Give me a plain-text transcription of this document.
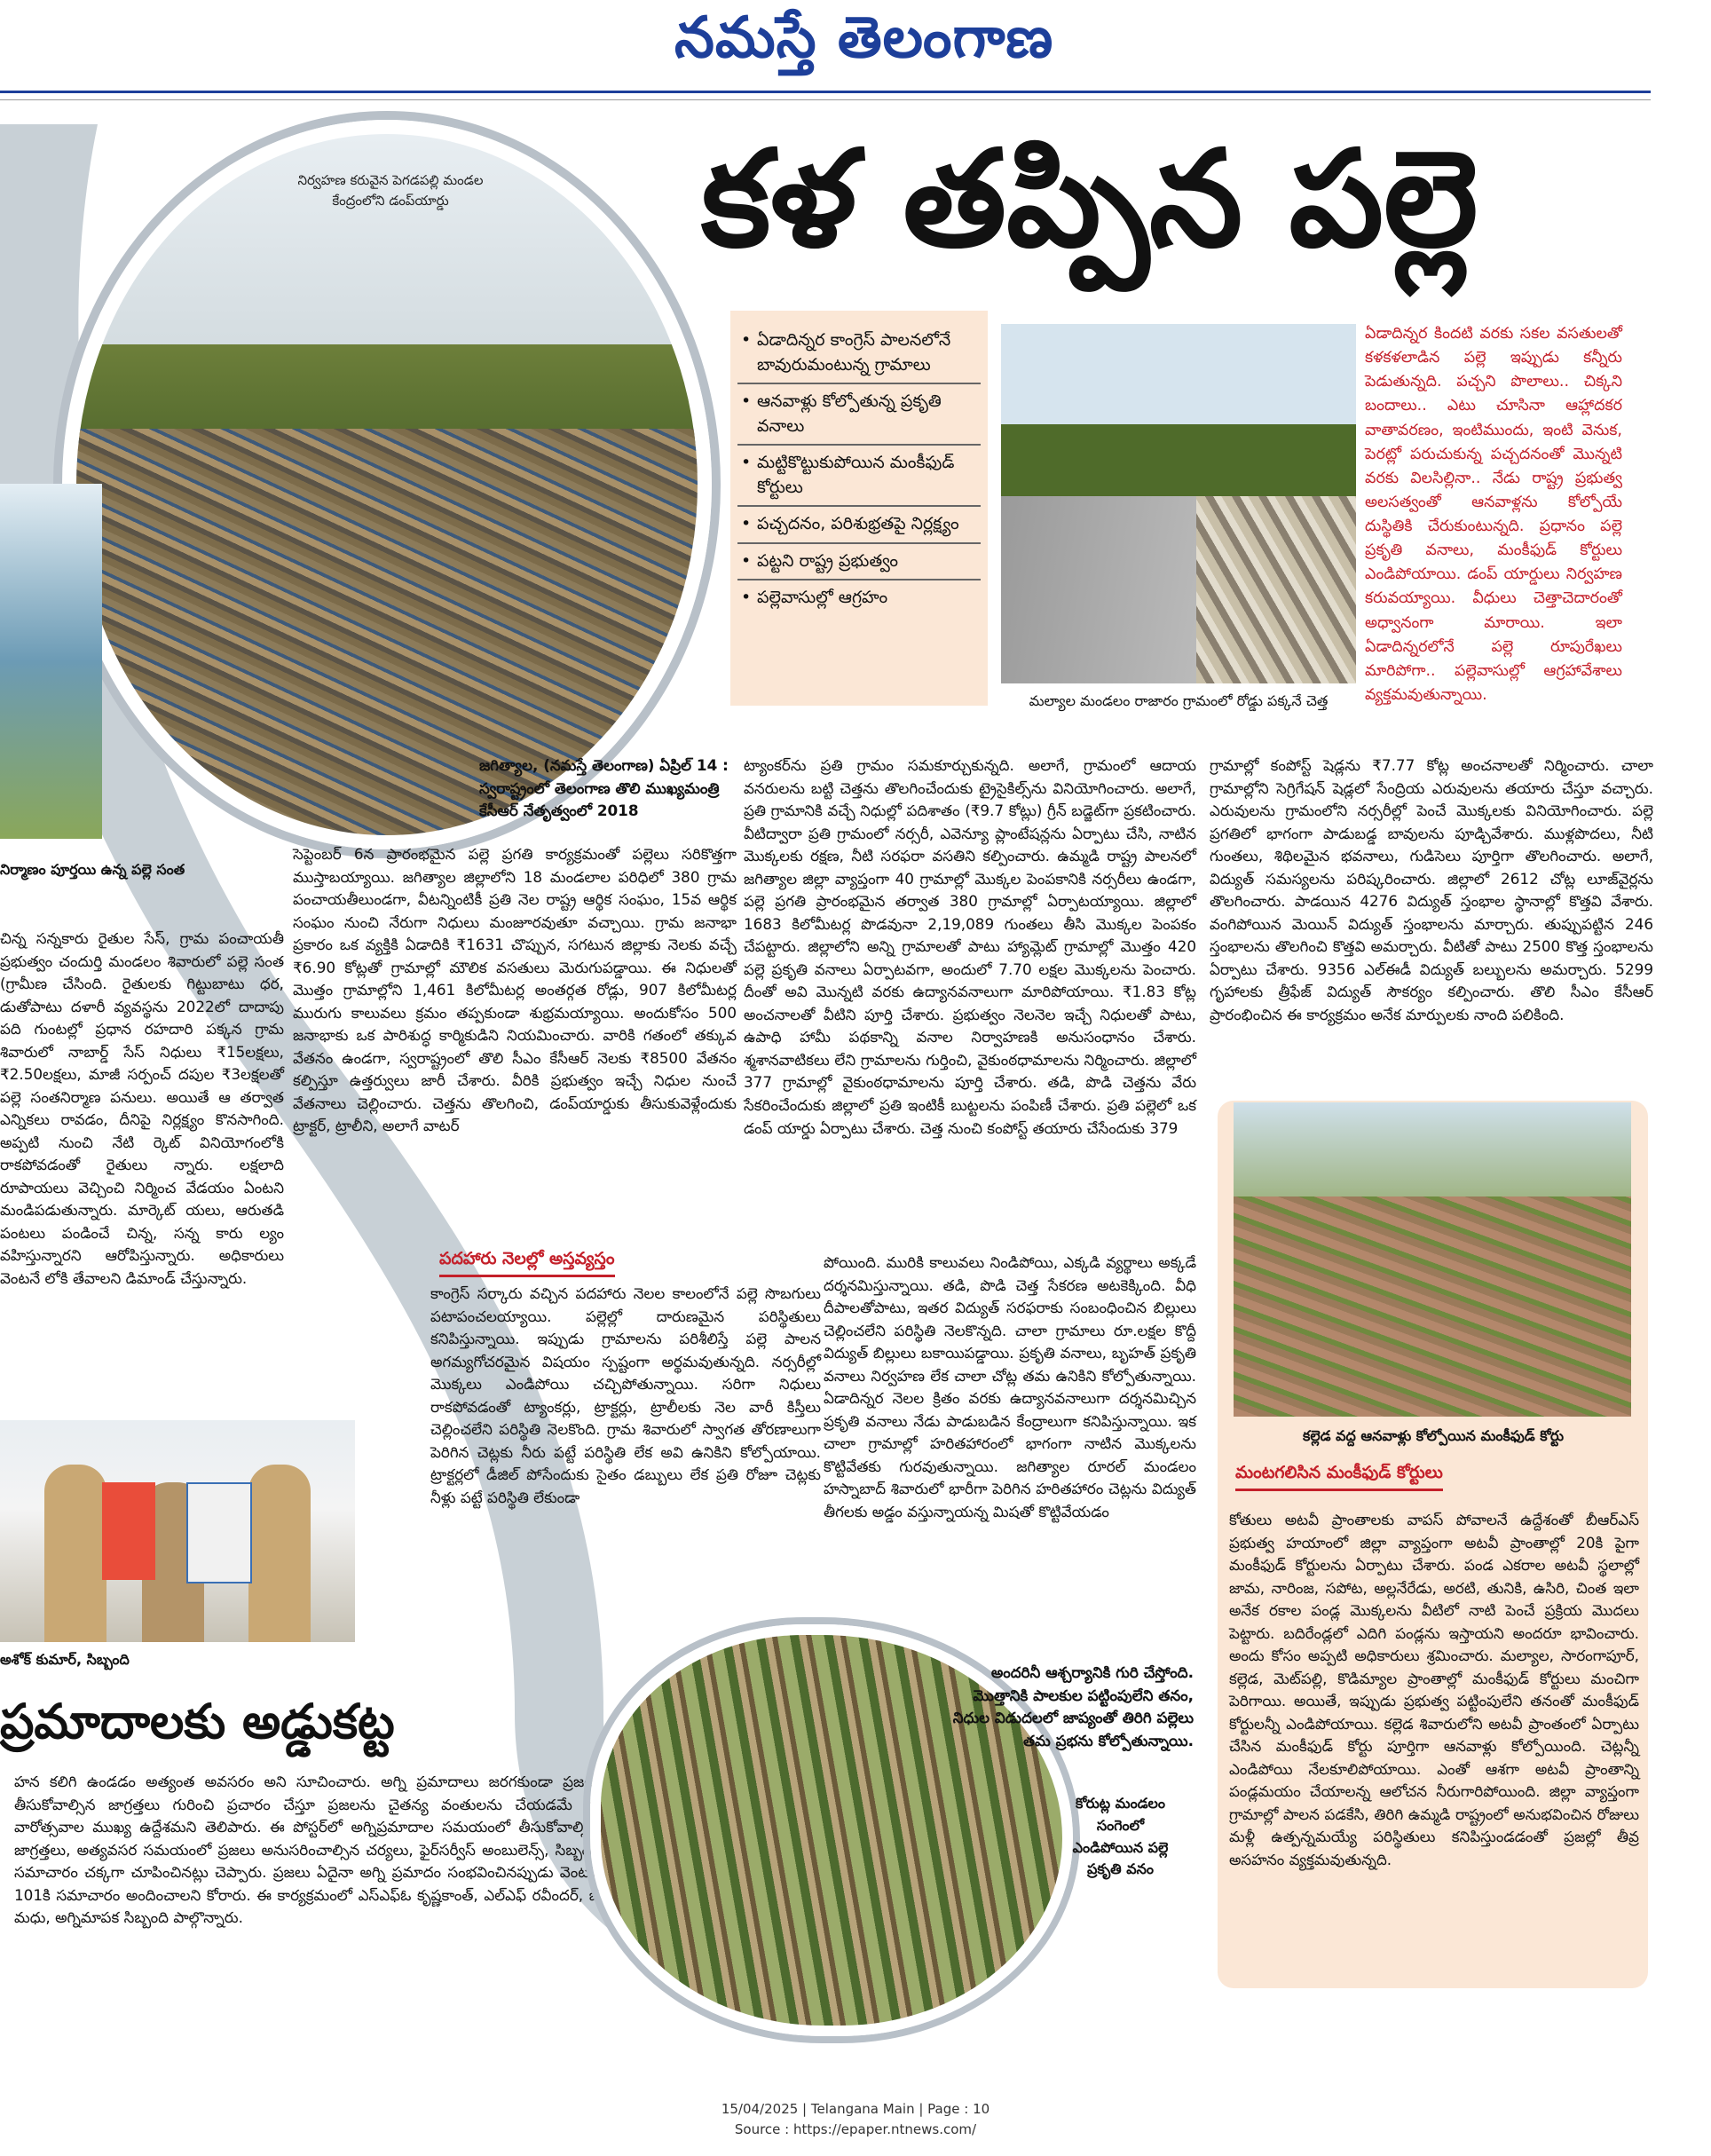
నమస్తే తెలంగాణ
కళ తప్పిన పల్లె
నిర్వహణ కరువైన పెగడపల్లి మండల కేంద్రంలోని డంప్‌యార్డు
• ఏడాదిన్నర కాంగ్రెస్ పాలనలోనే బావురుమంటున్న గ్రామాలు
• ఆనవాళ్లు కోల్పోతున్న ప్రకృతి వనాలు
• మట్టికొట్టుకుపోయిన మంకీఫుడ్ కోర్టులు
• పచ్చదనం, పరిశుభ్రతపై నిర్లక్ష్యం
• పట్టని రాష్ట్ర ప్రభుత్వం
• పల్లెవాసుల్లో ఆగ్రహం
మల్యాల మండలం రాజారం గ్రామంలో రోడ్డు పక్కనే చెత్త
ఏడాదిన్నర కిందటి వరకు సకల వసతులతో కళకళలాడిన పల్లె ఇప్పుడు కన్నీరు పెడుతున్నది. పచ్చని పొలాలు.. చిక్కని బందాలు.. ఎటు చూసినా ఆహ్లాదకర వాతావరణం, ఇంటిముందు, ఇంటి వెనుక, పెరట్లో పరుచుకున్న పచ్చదనంతో మొన్నటి వరకు విలసిల్లినా.. నేడు రాష్ట్ర ప్రభుత్వ అలసత్వంతో ఆనవాళ్లను కోల్పోయే దుస్థితికి చేరుకుంటున్నది. ప్రధానం పల్లె ప్రకృతి వనాలు, మంకీఫుడ్ కోర్టులు ఎండిపోయాయి. డంప్ యార్డులు నిర్వహణ కరువయ్యాయి. వీధులు చెత్తాచెదారంతో అధ్వానంగా మారాయి. ఇలా ఏడాదిన్నరలోనే పల్లె రూపురేఖలు మారిపోగా.. పల్లెవాసుల్లో ఆగ్రహావేశాలు వ్యక్తమవుతున్నాయి.
జగిత్యాల, (నమస్తే తెలంగాణ) ఏప్రిల్ 14 : స్వరాష్ట్రంలో తెలంగాణ తొలి ముఖ్యమంత్రి కేసీఆర్ నేతృత్వంలో 2018
సెప్టెంబర్ 6న ప్రారంభమైన పల్లె ప్రగతి కార్యక్రమంతో పల్లెలు సరికొత్తగా ముస్తాబయ్యాయి. జగిత్యాల జిల్లాలోని 18 మండలాల పరిధిలో 380 గ్రామ పంచాయతీలుండగా, వీటన్నింటికీ ప్రతి నెల రాష్ట్ర ఆర్థిక సంఘం, 15వ ఆర్థిక సంఘం నుంచి నేరుగా నిధులు మంజూరవుతూ వచ్చాయి. గ్రామ జనాభా ప్రకారం ఒక వ్యక్తికి ఏడాదికి ₹1631 చొప్పున, సగటున జిల్లాకు నెలకు వచ్చే ₹6.90 కోట్లతో గ్రామాల్లో మౌలిక వసతులు మెరుగుపడ్డాయి. ఈ నిధులతో మొత్తం గ్రామాల్లోని 1,461 కిలోమీటర్ల అంతర్గత రోడ్లు, 907 కిలోమీటర్ల మురుగు కాలువలు క్రమం తప్పకుండా శుభ్రమయ్యాయి. అందుకోసం 500 జనాభాకు ఒక పారిశుద్ధ కార్మికుడిని నియమించారు. వారికి గతంలో తక్కువ వేతనం ఉండగా, స్వరాష్ట్రంలో తొలి సీఎం కేసీఆర్ నెలకు ₹8500 వేతనం కల్పిస్తూ ఉత్తర్వులు జారీ చేశారు. వీరికి ప్రభుత్వం ఇచ్చే నిధుల నుంచే వేతనాలు చెల్లించారు. చెత్తను తొలగించి, డంప్‌యార్డుకు తీసుకువెళ్లేందుకు ట్రాక్టర్, ట్రాలీని, అలాగే వాటర్
ట్యాంకర్‌ను ప్రతి గ్రామం సమకూర్చుకున్నది. అలాగే, గ్రామంలో ఆదాయ వనరులను బట్టి చెత్తను తొలగించేందుకు ట్రైసైకిల్స్‌ను వినియోగించారు. అలాగే, ప్రతి గ్రామానికి వచ్చే నిధుల్లో పదిశాతం (₹9.7 కోట్లు) గ్రీన్ బడ్జెట్‌గా ప్రకటించారు. వీటిద్వారా ప్రతి గ్రామంలో నర్సరీ, ఎవెన్యూ ప్లాంటేషన్లను ఏర్పాటు చేసి, నాటిన మొక్కలకు రక్షణ, నీటి సరఫరా వసతిని కల్పించారు. ఉమ్మడి రాష్ట్ర పాలనలో జగిత్యాల జిల్లా వ్యాప్తంగా 40 గ్రామాల్లో మొక్కల పెంపకానికి నర్సరీలు ఉండగా, పల్లె ప్రగతి ప్రారంభమైన తర్వాత 380 గ్రామాల్లో ఏర్పాటయ్యాయి. జిల్లాలో 1683 కిలోమీటర్ల పొడవునా 2,19,089 గుంతలు తీసి మొక్కల పెంపకం చేపట్టారు. జిల్లాలోని అన్ని గ్రామాలతో పాటు హ్యామ్లెట్ గ్రామాల్లో మొత్తం 420 పల్లె ప్రకృతి వనాలు ఏర్పాటవగా, అందులో 7.70 లక్షల మొక్కలను పెంచారు. దీంతో అవి మొన్నటి వరకు ఉద్యానవనాలుగా మారిపోయాయి. ₹1.83 కోట్ల అంచనాలతో వీటిని పూర్తి చేశారు. ప్రభుత్వం నెలనెల ఇచ్చే నిధులతో పాటు, ఉపాధి హామీ పథకాన్ని వనాల నిర్వాహణకి అనుసంధానం చేశారు. శ్మశానవాటికలు లేని గ్రామాలను గుర్తించి, వైకుంఠధామాలను నిర్మించారు. జిల్లాలో 377 గ్రామాల్లో వైకుంఠధామాలను పూర్తి చేశారు. తడి, పొడి చెత్తను వేరు సేకరించేందుకు జిల్లాలో ప్రతి ఇంటికీ బుట్టలను పంపిణీ చేశారు. ప్రతి పల్లెలో ఒక డంప్ యార్డు ఏర్పాటు చేశారు. చెత్త నుంచి కంపోస్ట్ తయారు చేసేందుకు 379
గ్రామాల్లో కంపోస్ట్ షెడ్లను ₹7.77 కోట్ల అంచనాలతో నిర్మించారు. చాలా గ్రామాల్లోని సెగ్రిగేషన్ షెడ్లలో సేంద్రియ ఎరువులను తయారు చేస్తూ వచ్చారు. ఎరువులను గ్రామంలోని నర్సరీల్లో పెంచే మొక్కలకు వినియోగించారు. పల్లె ప్రగతిలో భాగంగా పాడుబడ్డ బావులను పూడ్చివేశారు. ముళ్లపొదలు, నీటి గుంతలు, శిథిలమైన భవనాలు, గుడిసెలు పూర్తిగా తొలగించారు. అలాగే, విద్యుత్ సమస్యలను పరిష్కరించారు. జిల్లాలో 2612 చోట్ల లూజ్‌వైర్లను తొలగించారు. పాడయిన 4276 విద్యుత్ స్తంభాల స్థానాల్లో కొత్తవి వేశారు. వంగిపోయిన మెయిన్ విద్యుత్ స్తంభాలను మార్చారు. తుప్పుపట్టిన 246 స్తంభాలను తొలగించి కొత్తవి అమర్చారు. వీటితో పాటు 2500 కొత్త స్తంభాలను ఏర్పాటు చేశారు. 9356 ఎల్‌ఈడీ విద్యుత్ బల్బులను అమర్చారు. 5299 గృహాలకు త్రీఫేజ్ విద్యుత్ సౌకర్యం కల్పించారు. తొలి సీఎం కేసీఆర్ ప్రారంభించిన ఈ కార్యక్రమం అనేక మార్పులకు నాంది పలికింది.
నిర్మాణం పూర్తయి ఉన్న పల్లె సంత
చిన్న సన్నకారు రైతుల సేస్, గ్రామ పంచాయతీ ప్రభుత్వం చందుర్తి మండలం శివారులో పల్లె సంత (గ్రామీణ చేసింది. రైతులకు గిట్టుబాటు ధర, డుతోపాటు దళారీ వ్యవస్థను 2022లో దాదాపు పది గుంటల్లో ప్రధాన రహదారి పక్కన గ్రామ శివారులో నాబార్డ్ సేస్ నిధులు ₹15లక్షలు, ₹2.50లక్షలు, మాజీ సర్పంచ్ దపుల ₹3లక్షలతో పల్లె సంతనిర్మాణ పనులు. అయితే ఆ తర్వాత ఎన్నికలు రావడం, దీనిపై నిర్లక్ష్యం కొనసాగింది. అప్పటి నుంచి నేటి ర్కెట్ వినియోగంలోకి రాకపోవడంతో రైతులు న్నారు. లక్షలాది రూపాయలు వెచ్చించి నిర్మించ వేడయం ఏంటని మండిపడుతున్నారు. మార్కెట్ యలు, ఆరుతడి పంటలు పండించే చిన్న, సన్న కారు ల్యం వహిస్తున్నారని ఆరోపిస్తున్నారు. అధికారులు వెంటనే లోకి తేవాలని డిమాండ్ చేస్తున్నారు.
పదహారు నెలల్లో అస్తవ్యస్తం
కాంగ్రెస్ సర్కారు వచ్చిన పదహారు నెలల కాలంలోనే పల్లె సొబగులు పటాపంచలయ్యాయి. పల్లెల్లో దారుణమైన పరిస్థితులు కనిపిస్తున్నాయి. ఇప్పుడు గ్రామాలను పరిశీలిస్తే పల్లె పాలన అగమ్యగోచరమైన విషయం స్పష్టంగా అర్థమవుతున్నది. నర్సరీల్లో మొక్కలు ఎండిపోయి చచ్చిపోతున్నాయి. సరిగా నిధులు రాకపోవడంతో ట్యాంకర్లు, ట్రాక్టర్లు, ట్రాలీలకు నెల వారీ కిస్తీలు చెల్లించలేని పరిస్థితి నెలకొంది. గ్రామ శివారులో స్వాగత తోరణాలుగా పెరిగిన చెట్లకు నీరు పట్టే పరిస్థితి లేక అవి ఉనికిని కోల్పోయాయి. ట్రాక్టర్లలో డీజిల్ పోసేందుకు సైతం డబ్బులు లేక ప్రతి రోజూ చెట్లకు నీళ్లు పట్టే పరిస్థితి లేకుండా
పోయింది. మురికి కాలువలు నిండిపోయి, ఎక్కడి వ్యర్థాలు అక్కడే దర్శనమిస్తున్నాయి. తడి, పొడి చెత్త సేకరణ అటకెక్కింది. వీధి దీపాలతోపాటు, ఇతర విద్యుత్ సరఫరాకు సంబంధించిన బిల్లులు చెల్లించలేని పరిస్థితి నెలకొన్నది. చాలా గ్రామాలు రూ.లక్షల కొద్దీ విద్యుత్ బిల్లులు బకాయిపడ్డాయి. ప్రకృతి వనాలు, బృహత్ ప్రకృతి వనాలు నిర్వహణ లేక చాలా చోట్ల తమ ఉనికిని కోల్పోతున్నాయి. ఏడాదిన్నర నెలల క్రితం వరకు ఉద్యానవనాలుగా దర్శనమిచ్చిన ప్రకృతి వనాలు నేడు పాడుబడిన కేంద్రాలుగా కనిపిస్తున్నాయి. ఇక చాలా గ్రామాల్లో హరితహారంలో భాగంగా నాటిన మొక్కలను కొట్టివేతకు గురవుతున్నాయి. జగిత్యాల రూరల్ మండలం హస్నాబాద్ శివారులో భారీగా పెరిగిన హరితహారం చెట్లను విద్యుత్ తీగలకు అడ్డం వస్తున్నాయన్న మిషతో కొట్టివేయడం
అశోక్ కుమార్, సిబ్బంది
ప్రమాదాలకు అడ్డుకట్ట
హన కలిగి ఉండడం అత్యంత అవసరం అని సూచించారు. అగ్ని ప్రమాదాలు జరగకుండా ప్రజలు తీసుకోవాల్సిన జాగ్రత్తలు గురించి ప్రచారం చేస్తూ ప్రజలను చైతన్య వంతులను చేయడమే ఈ వారోత్సవాల ముఖ్య ఉద్దేశమని తెలిపారు. ఈ పోస్టర్‌లో అగ్నిప్రమాదాల సమయంలో తీసుకోవాల్సిన జాగ్రత్తలు, అత్యవసర సమయంలో ప్రజలు అనుసరించాల్సిన చర్యలు, ఫైర్‌సర్వీస్ అంబులెన్స్, సిబ్బంది సమాచారం చక్కగా చూపించినట్లు చెప్పారు. ప్రజలు ఏదైనా అగ్ని ప్రమాదం సంభవించినప్పుడు వెంటనే 101కి సమాచారం అందించాలని కోరారు. ఈ కార్యక్రమంలో ఎస్ఎఫ్ఓ కృష్ణకాంత్, ఎల్ఎఫ్ రవీందర్, జీ మధు, అగ్నిమాపక సిబ్బంది పాల్గొన్నారు.
అందరినీ ఆశ్చర్యానికి గురి చేస్తోంది. మొత్తానికి పాలకుల పట్టింపులేని తనం, నిధుల విడుదలలో జాప్యంతో తిరిగి పల్లెలు తమ ప్రభను కోల్పోతున్నాయి.
కోరుట్ల మండలం సంగెంలో ఎండిపోయిన పల్లె ప్రకృతి వనం
కల్లెడ వద్ద ఆనవాళ్లు కోల్పోయిన మంకీఫుడ్ కోర్టు
మంటగలిసిన మంకీఫుడ్ కోర్టులు
కోతులు అటవీ ప్రాంతాలకు వాపస్ పోవాలనే ఉద్దేశంతో బీఆర్ఎస్ ప్రభుత్వ హయాంలో జిల్లా వ్యాప్తంగా అటవీ ప్రాంతాల్లో 20కి పైగా మంకీఫుడ్ కోర్టులను ఏర్పాటు చేశారు. పండ ఎకరాల అటవీ స్థలాల్లో జామ, నారింజ, సపోట, అల్లనేరేడు, అరటి, తునికి, ఉసిరి, చింత ఇలా అనేక రకాల పండ్ల మొక్కలను వీటిలో నాటి పెంచే ప్రక్రియ మొదలు పెట్టారు. బదిరేండ్లలో ఎదిగి పండ్లను ఇస్తాయని అందరూ భావించారు. అందు కోసం అప్పటి అధికారులు శ్రమించారు. మల్యాల, సారంగాపూర్, కల్లెడ, మెట్‌పల్లి, కొడిమ్యాల ప్రాంతాల్లో మంకీఫుడ్ కోర్టులు మంచిగా పెరిగాయి. అయితే, ఇప్పుడు ప్రభుత్వ పట్టింపులేని తనంతో మంకీఫుడ్ కోర్టులన్నీ ఎండిపోయాయి. కల్లెడ శివారులోని అటవీ ప్రాంతంలో ఏర్పాటు చేసిన మంకీఫుడ్ కోర్టు పూర్తిగా ఆనవాళ్లు కోల్పోయింది. చెట్లన్నీ ఎండిపోయి నేలకూలిపోయాయి. ఎంతో ఆశగా అటవీ ప్రాంతాన్ని పండ్లమయం చేయాలన్న ఆలోచన నీరుగారిపోయింది. జిల్లా వ్యాప్తంగా గ్రామాల్లో పాలన పడకేసి, తిరిగి ఉమ్మడి రాష్ట్రంలో అనుభవించిన రోజులు మళ్లీ ఉత్పన్నమయ్యే పరిస్థితులు కనిపిస్తుండడంతో ప్రజల్లో తీవ్ర అసహనం వ్యక్తమవుతున్నది.
15/04/2025 | Telangana Main | Page : 10
Source : https://epaper.ntnews.com/
